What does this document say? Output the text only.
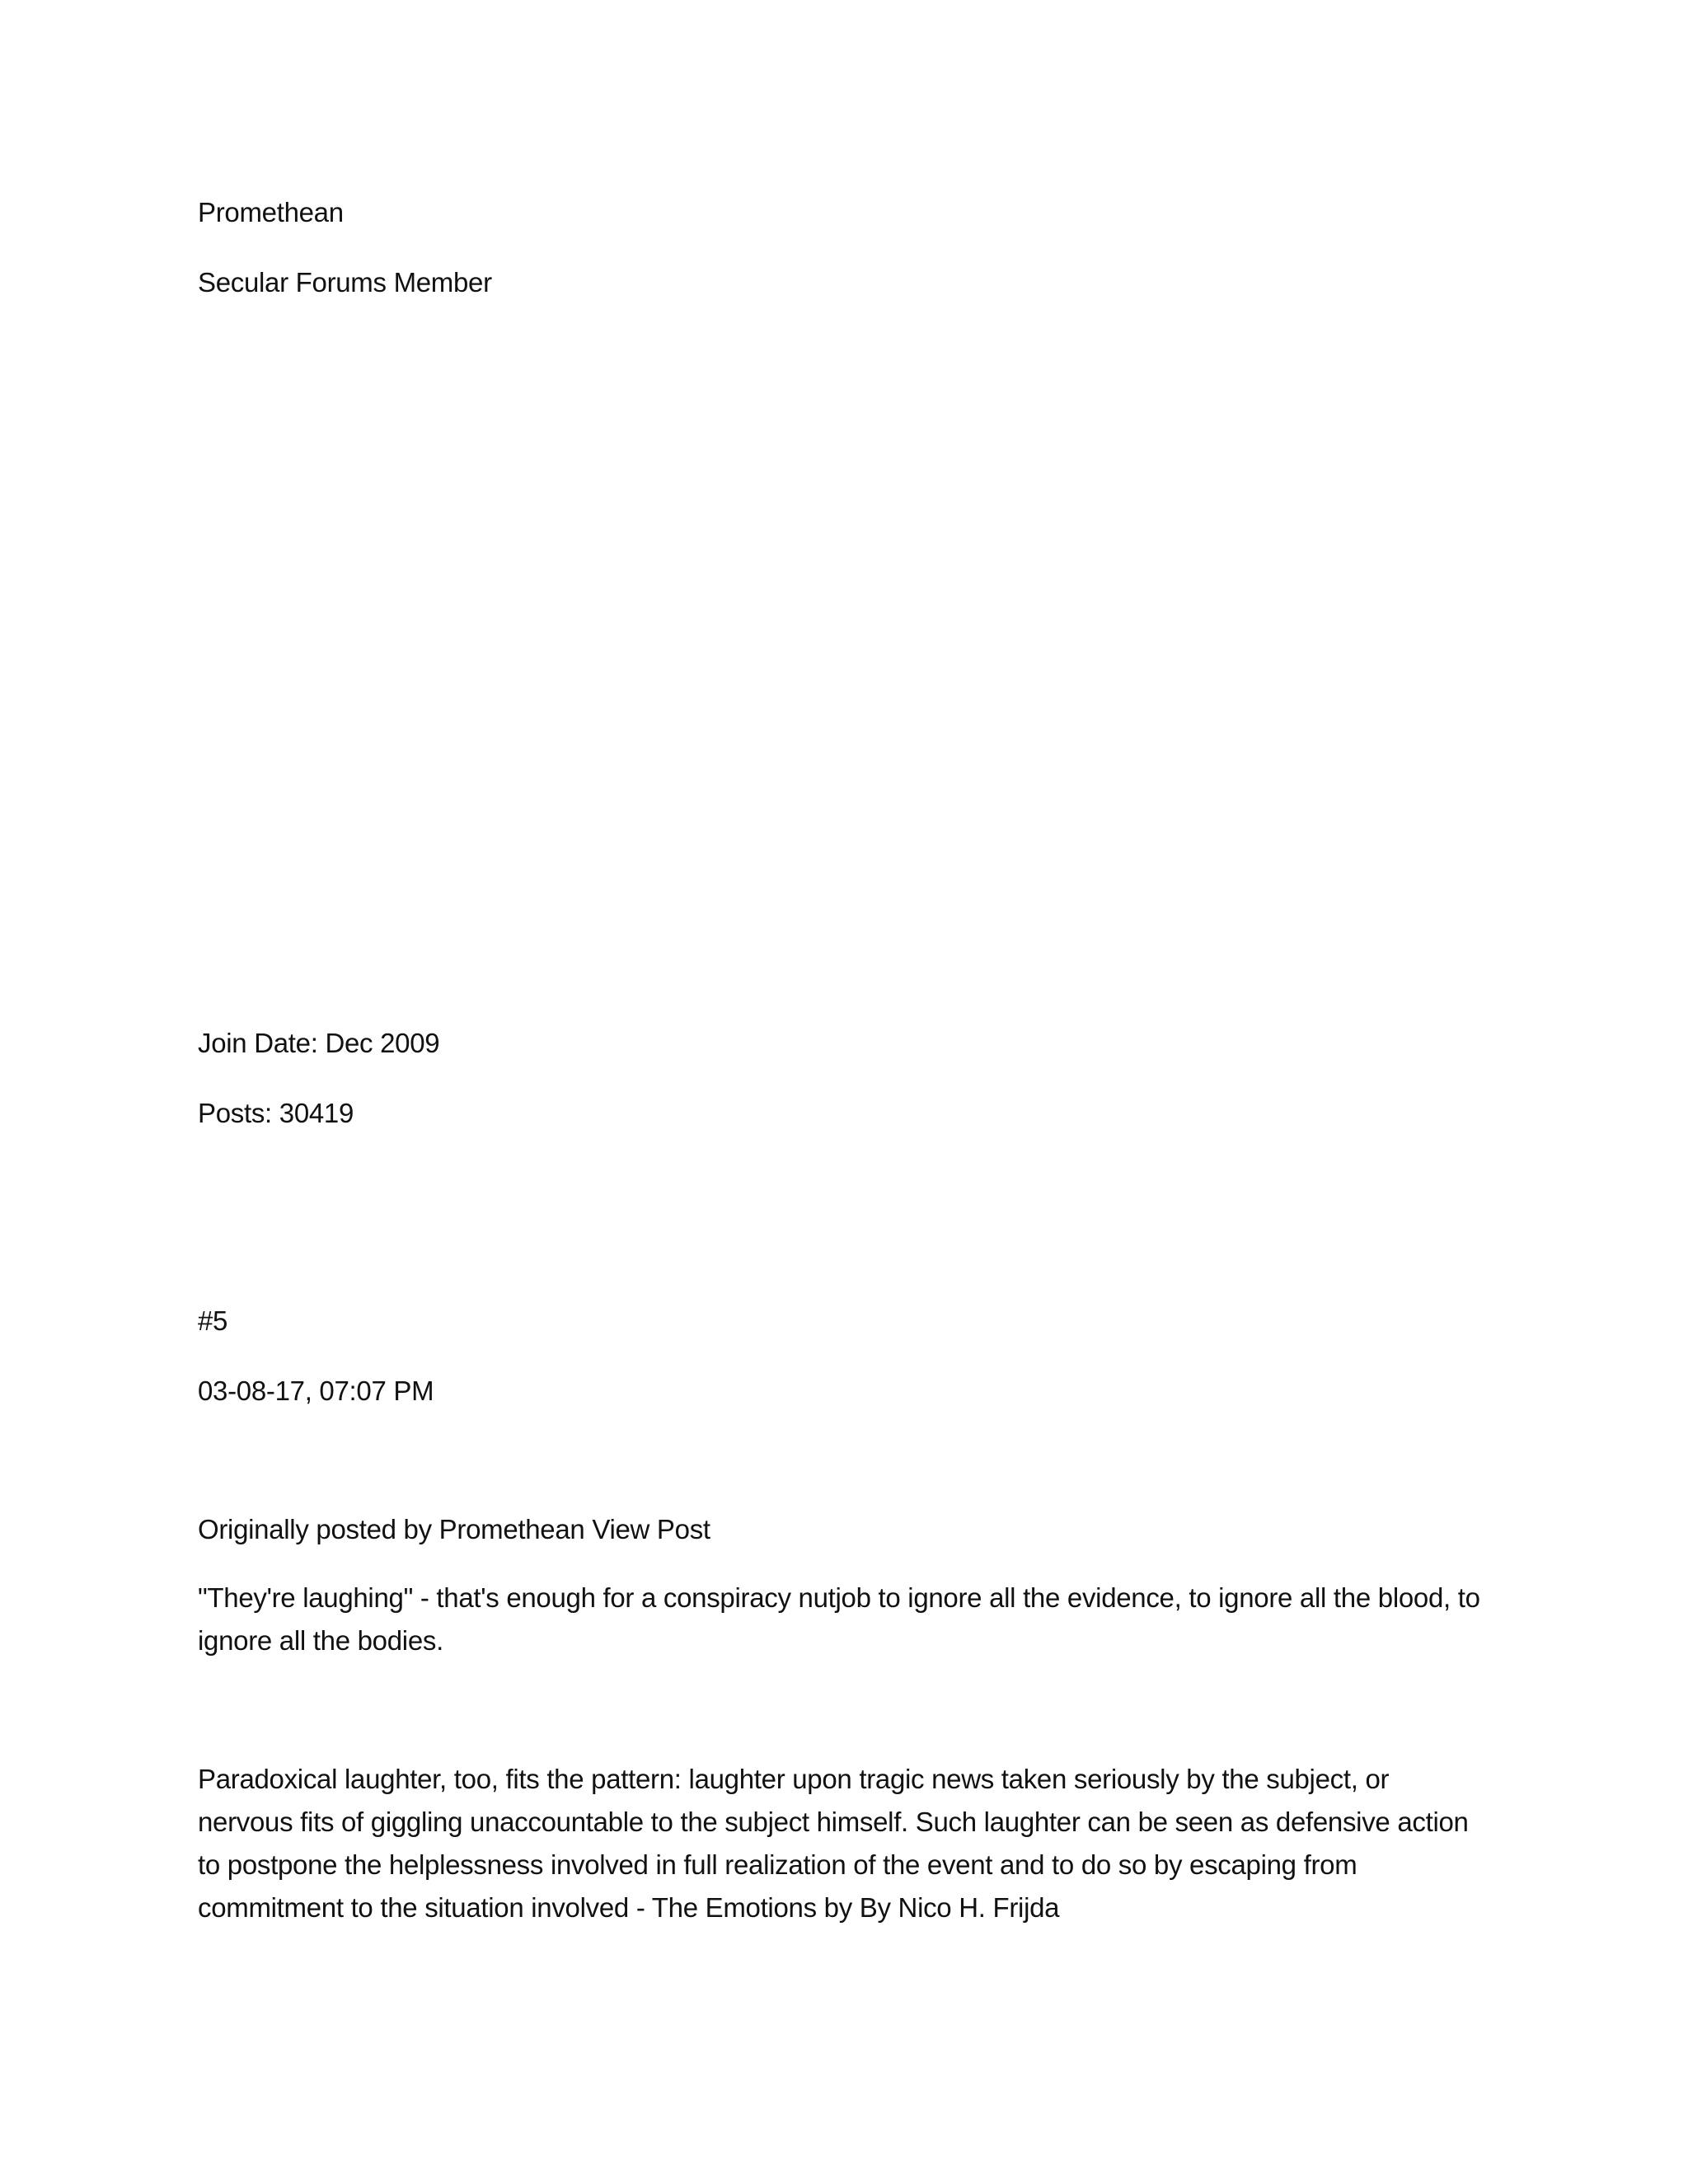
Promethean
Secular Forums Member
Join Date: Dec 2009
Posts: 30419
#5
03-08-17, 07:07 PM
Originally posted by Promethean View Post

"They're laughing" - that's enough for a conspiracy nutjob to ignore all the evidence, to ignore all the blood, to ignore all the bodies.

Paradoxical laughter, too, fits the pattern: laughter upon tragic news taken seriously by the subject, or nervous fits of giggling unaccountable to the subject himself. Such laughter can be seen as defensive action to postpone the helplessness involved in full realization of the event and to do so by escaping from commitment to the situation involved - The Emotions by By Nico H. Frijda
